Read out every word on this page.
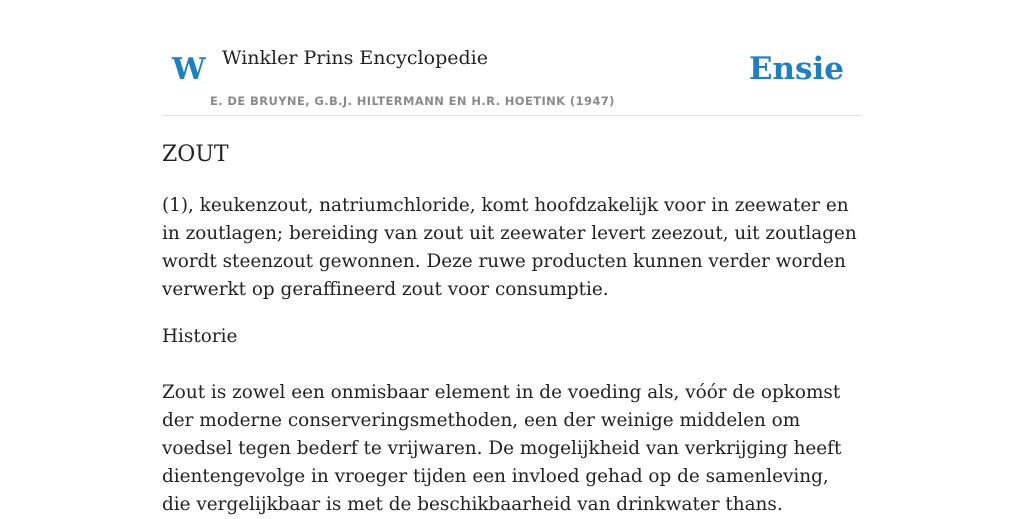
W Winkler Prins Encyclopedie
E. DE BRUYNE, G.B.J. HILTERMANN EN H.R. HOETINK (1947)
Ensie
ZOUT

(1), keukenzout, natriumchloride, komt hoofdzakelijk voor in zeewater en in zoutlagen; bereiding van zout uit zeewater levert zeezout, uit zoutlagen wordt steenzout gewonnen. Deze ruwe producten kunnen verder worden verwerkt op geraffineerd zout voor consumptie.

Historie

Zout is zowel een onmisbaar element in de voeding als, vóór de opkomst der moderne conserveringsmethoden, een der weinige middelen om voedsel tegen bederf te vrijwaren. De mogelijkheid van verkrijging heeft dientengevolge in vroeger tijden een invloed gehad op de samenleving, die vergelijkbaar is met de beschikbaarheid van drinkwater thans.
